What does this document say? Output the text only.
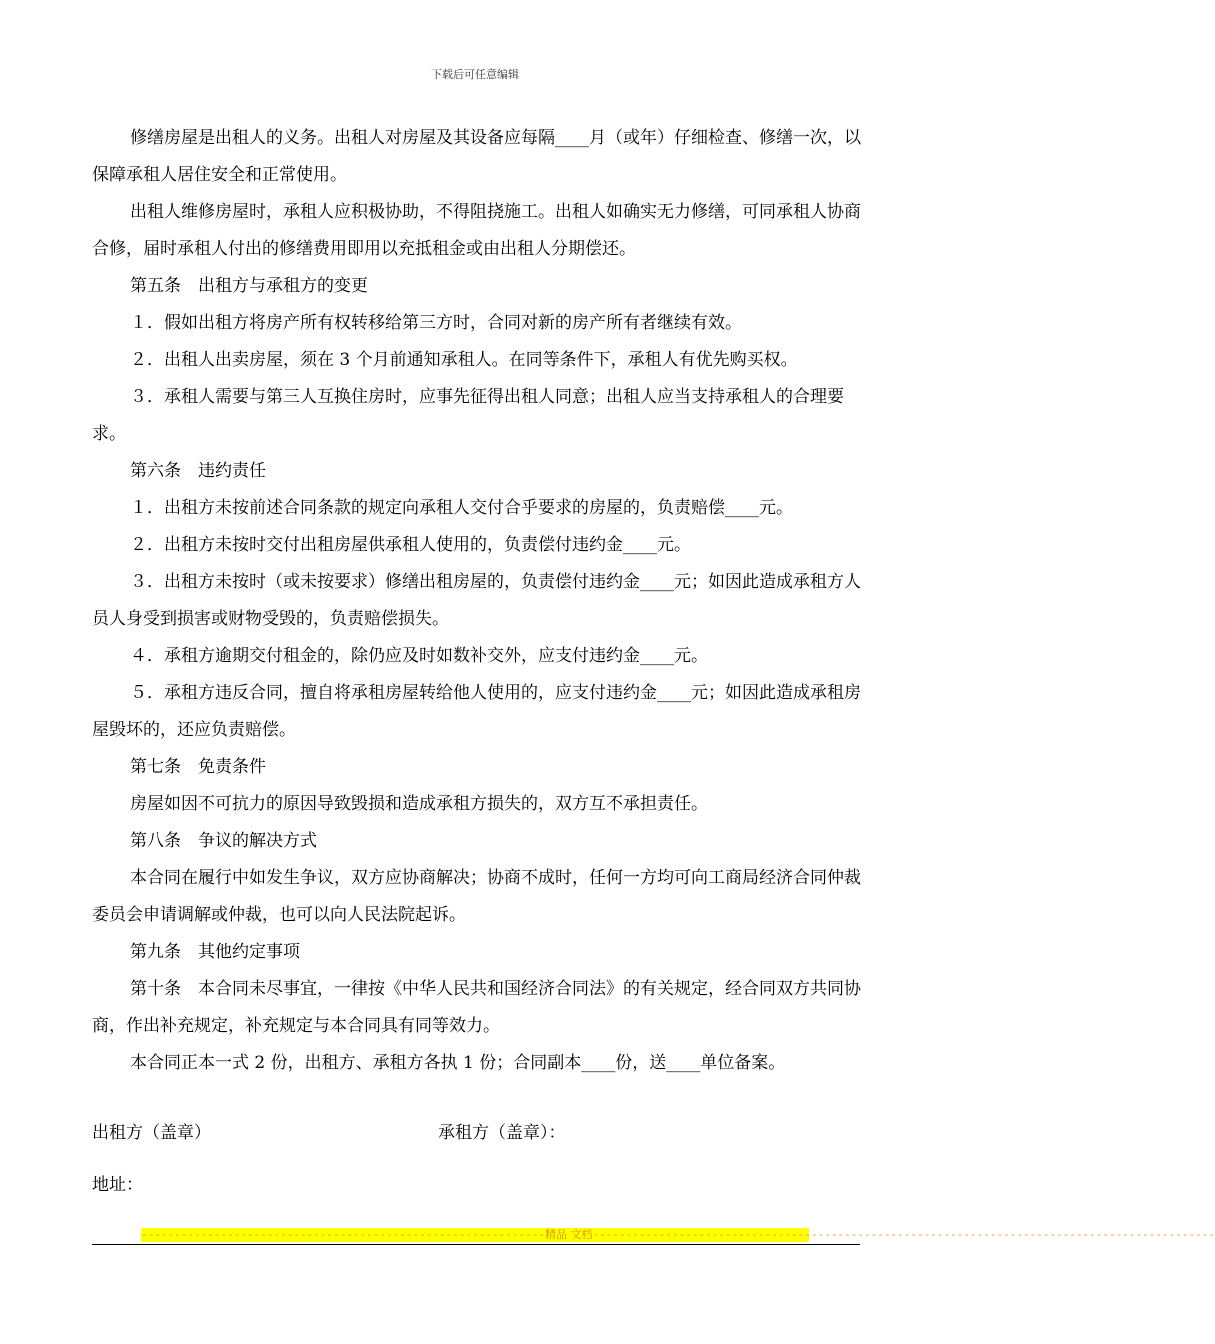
下载后可任意编辑

修缮房屋是出租人的义务。出租人对房屋及其设备应每隔____月（或年）仔细检查、修缮一次，以保障承租人居住安全和正常使用。

出租人维修房屋时，承租人应积极协助，不得阻挠施工。出租人如确实无力修缮，可同承租人协商合修，届时承租人付出的修缮费用即用以充抵租金或由出租人分期偿还。

第五条　出租方与承租方的变更

１．假如出租方将房产所有权转移给第三方时，合同对新的房产所有者继续有效。

２．出租人出卖房屋，须在 3 个月前通知承租人。在同等条件下，承租人有优先购买权。

３．承租人需要与第三人互换住房时，应事先征得出租人同意；出租人应当支持承租人的合理要求。

第六条　违约责任

１．出租方未按前述合同条款的规定向承租人交付合乎要求的房屋的，负责赔偿____元。

２．出租方未按时交付出租房屋供承租人使用的，负责偿付违约金____元。

３．出租方未按时（或未按要求）修缮出租房屋的，负责偿付违约金____元；如因此造成承租方人员人身受到损害或财物受毁的，负责赔偿损失。

４．承租方逾期交付租金的，除仍应及时如数补交外，应支付违约金____元。

５．承租方违反合同，擅自将承租房屋转给他人使用的，应支付违约金____元；如因此造成承租房屋毁坏的，还应负责赔偿。

第七条　免责条件

房屋如因不可抗力的原因导致毁损和造成承租方损失的，双方互不承担责任。

第八条　争议的解决方式

本合同在履行中如发生争议，双方应协商解决；协商不成时，任何一方均可向工商局经济合同仲裁委员会申请调解或仲裁，也可以向人民法院起诉。

第九条　其他约定事项

第十条　本合同未尽事宜，一律按《中华人民共和国经济合同法》的有关规定，经合同双方共同协商，作出补充规定，补充规定与本合同具有同等效力。

本合同正本一式 2 份，出租方、承租方各执 1 份；合同副本____份，送____单位备案。

出租方（盖章）	承租方（盖章）：
地址：
-------------------------------------------------------------精品 文档----------------------------------------------------------------------------------------------
